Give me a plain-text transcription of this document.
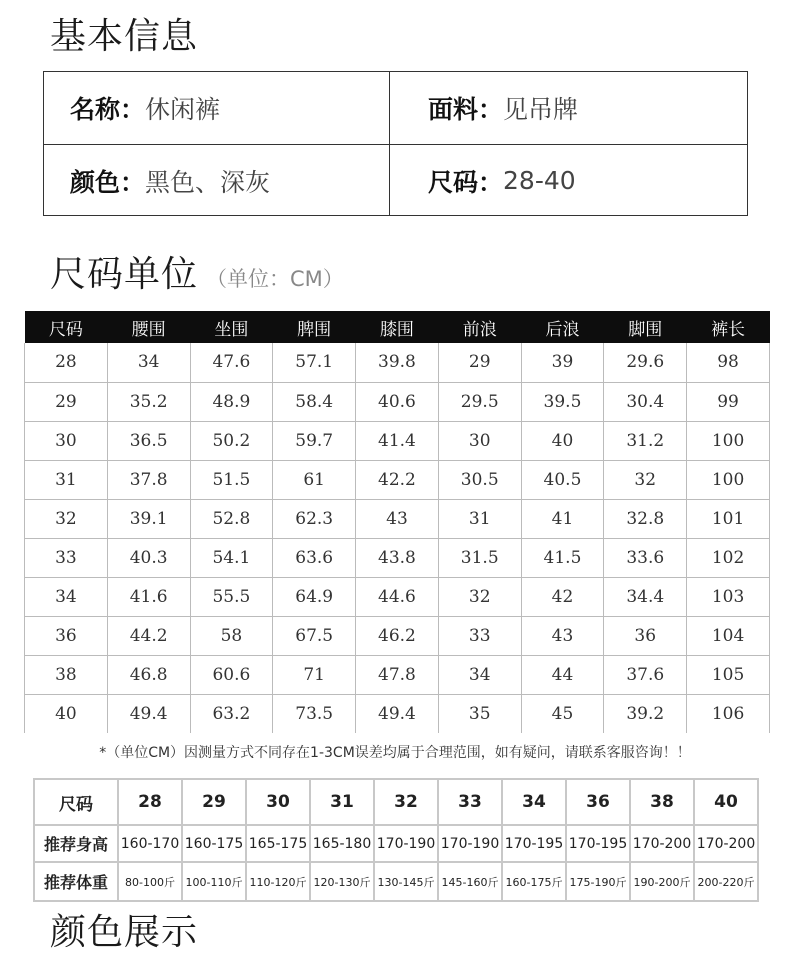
基本信息
名称： 休闲裤	面料： 见吊牌
颜色： 黑色、深灰	尺码： 28-40
尺码单位 （单位：CM）
尺码	腰围	坐围	脾围	膝围	前浪	后浪	脚围	裤长
28	34	47.6	57.1	39.8	29	39	29.6	98
29	35.2	48.9	58.4	40.6	29.5	39.5	30.4	99
30	36.5	50.2	59.7	41.4	30	40	31.2	100
31	37.8	51.5	61	42.2	30.5	40.5	32	100
32	39.1	52.8	62.3	43	31	41	32.8	101
33	40.3	54.1	63.6	43.8	31.5	41.5	33.6	102
34	41.6	55.5	64.9	44.6	32	42	34.4	103
36	44.2	58	67.5	46.2	33	43	36	104
38	46.8	60.6	71	47.8	34	44	37.6	105
40	49.4	63.2	73.5	49.4	35	45	39.2	106
*（单位CM）因测量方式不同存在1-3CM误差均属于合理范围，如有疑问，请联系客服咨询！！
尺码	28	29	30	31	32	33	34	36	38	40
推荐身高	160-170	160-175	165-175	165-180	170-190	170-190	170-195	170-195	170-200	170-200
推荐体重	80-100斤	100-110斤	110-120斤	120-130斤	130-145斤	145-160斤	160-175斤	175-190斤	190-200斤	200-220斤
颜色展示
